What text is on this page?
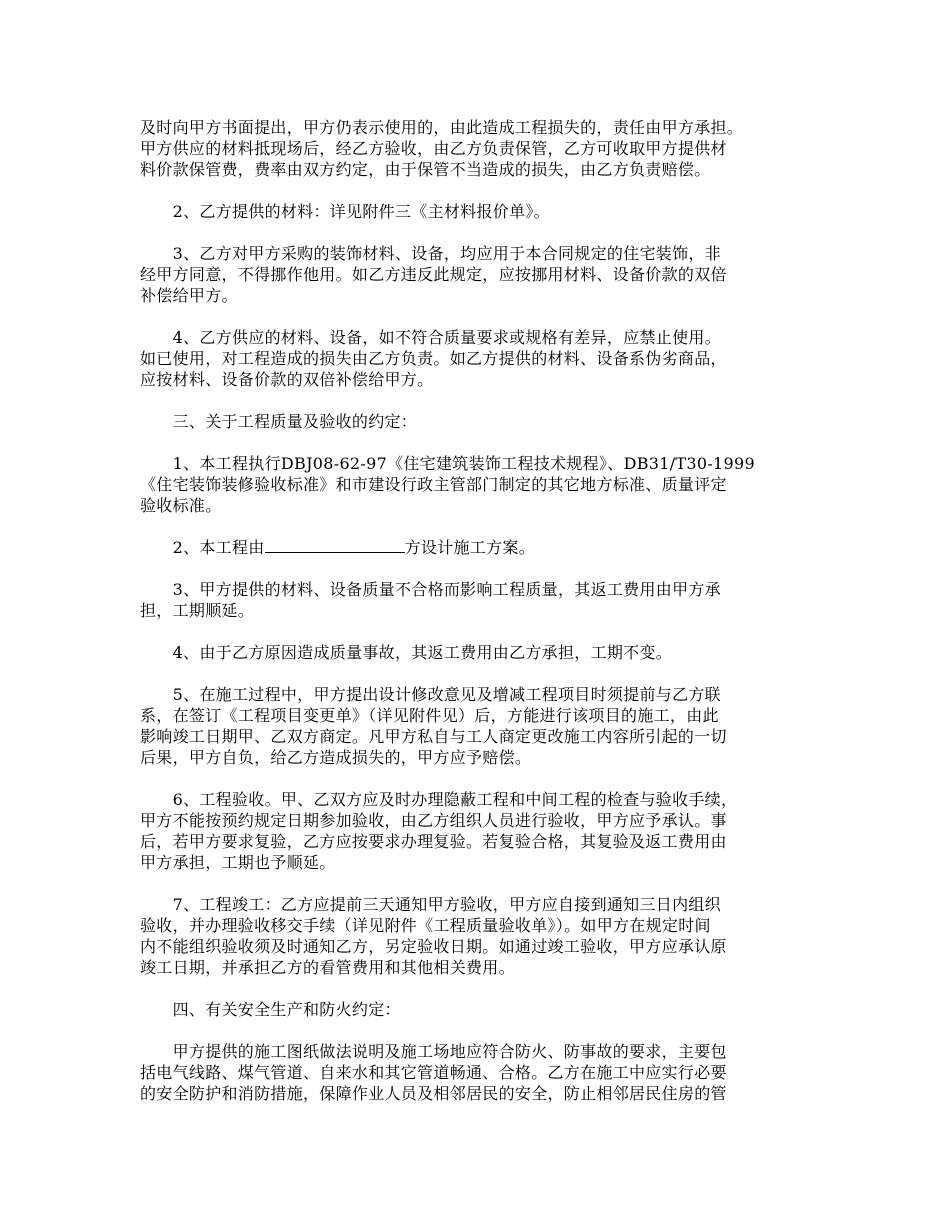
及时向甲方书面提出，甲方仍表示使用的，由此造成工程损失的，责任由甲方承担。
甲方供应的材料抵现场后，经乙方验收，由乙方负责保管，乙方可收取甲方提供材
料价款保管费，费率由双方约定，由于保管不当造成的损失，由乙方负责赔偿。

　　2、乙方提供的材料：详见附件三《主材料报价单》。

　　3、乙方对甲方采购的装饰材料、设备，均应用于本合同规定的住宅装饰，非
经甲方同意，不得挪作他用。如乙方违反此规定，应按挪用材料、设备价款的双倍
补偿给甲方。

　　4、乙方供应的材料、设备，如不符合质量要求或规格有差异，应禁止使用。
如已使用，对工程造成的损失由乙方负责。如乙方提供的材料、设备系伪劣商品，
应按材料、设备价款的双倍补偿给甲方。

　　三、关于工程质量及验收的约定：

　　1、本工程执行DBJ08-62-97《住宅建筑装饰工程技术规程》、DB31/T30-1999
《住宅装饰装修验收标准》和市建设行政主管部门制定的其它地方标准、质量评定
验收标准。

　　2、本工程由	方设计施工方案。

　　3、甲方提供的材料、设备质量不合格而影响工程质量，其返工费用由甲方承
担，工期顺延。

　　4、由于乙方原因造成质量事故，其返工费用由乙方承担，工期不变。

　　5、在施工过程中，甲方提出设计修改意见及增减工程项目时须提前与乙方联
系，在签订《工程项目变更单》（详见附件见）后，方能进行该项目的施工，由此
影响竣工日期甲、乙双方商定。凡甲方私自与工人商定更改施工内容所引起的一切
后果，甲方自负，给乙方造成损失的，甲方应予赔偿。

　　6、工程验收。甲、乙双方应及时办理隐蔽工程和中间工程的检查与验收手续，
甲方不能按预约规定日期参加验收，由乙方组织人员进行验收，甲方应予承认。事
后，若甲方要求复验，乙方应按要求办理复验。若复验合格，其复验及返工费用由
甲方承担，工期也予顺延。

　　7、工程竣工：乙方应提前三天通知甲方验收，甲方应自接到通知三日内组织
验收，并办理验收移交手续（详见附件《工程质量验收单》）。如甲方在规定时间
内不能组织验收须及时通知乙方，另定验收日期。如通过竣工验收，甲方应承认原
竣工日期，并承担乙方的看管费用和其他相关费用。

　　四、有关安全生产和防火约定：

　　甲方提供的施工图纸做法说明及施工场地应符合防火、防事故的要求，主要包
括电气线路、煤气管道、自来水和其它管道畅通、合格。乙方在施工中应实行必要
的安全防护和消防措施，保障作业人员及相邻居民的安全，防止相邻居民住房的管
